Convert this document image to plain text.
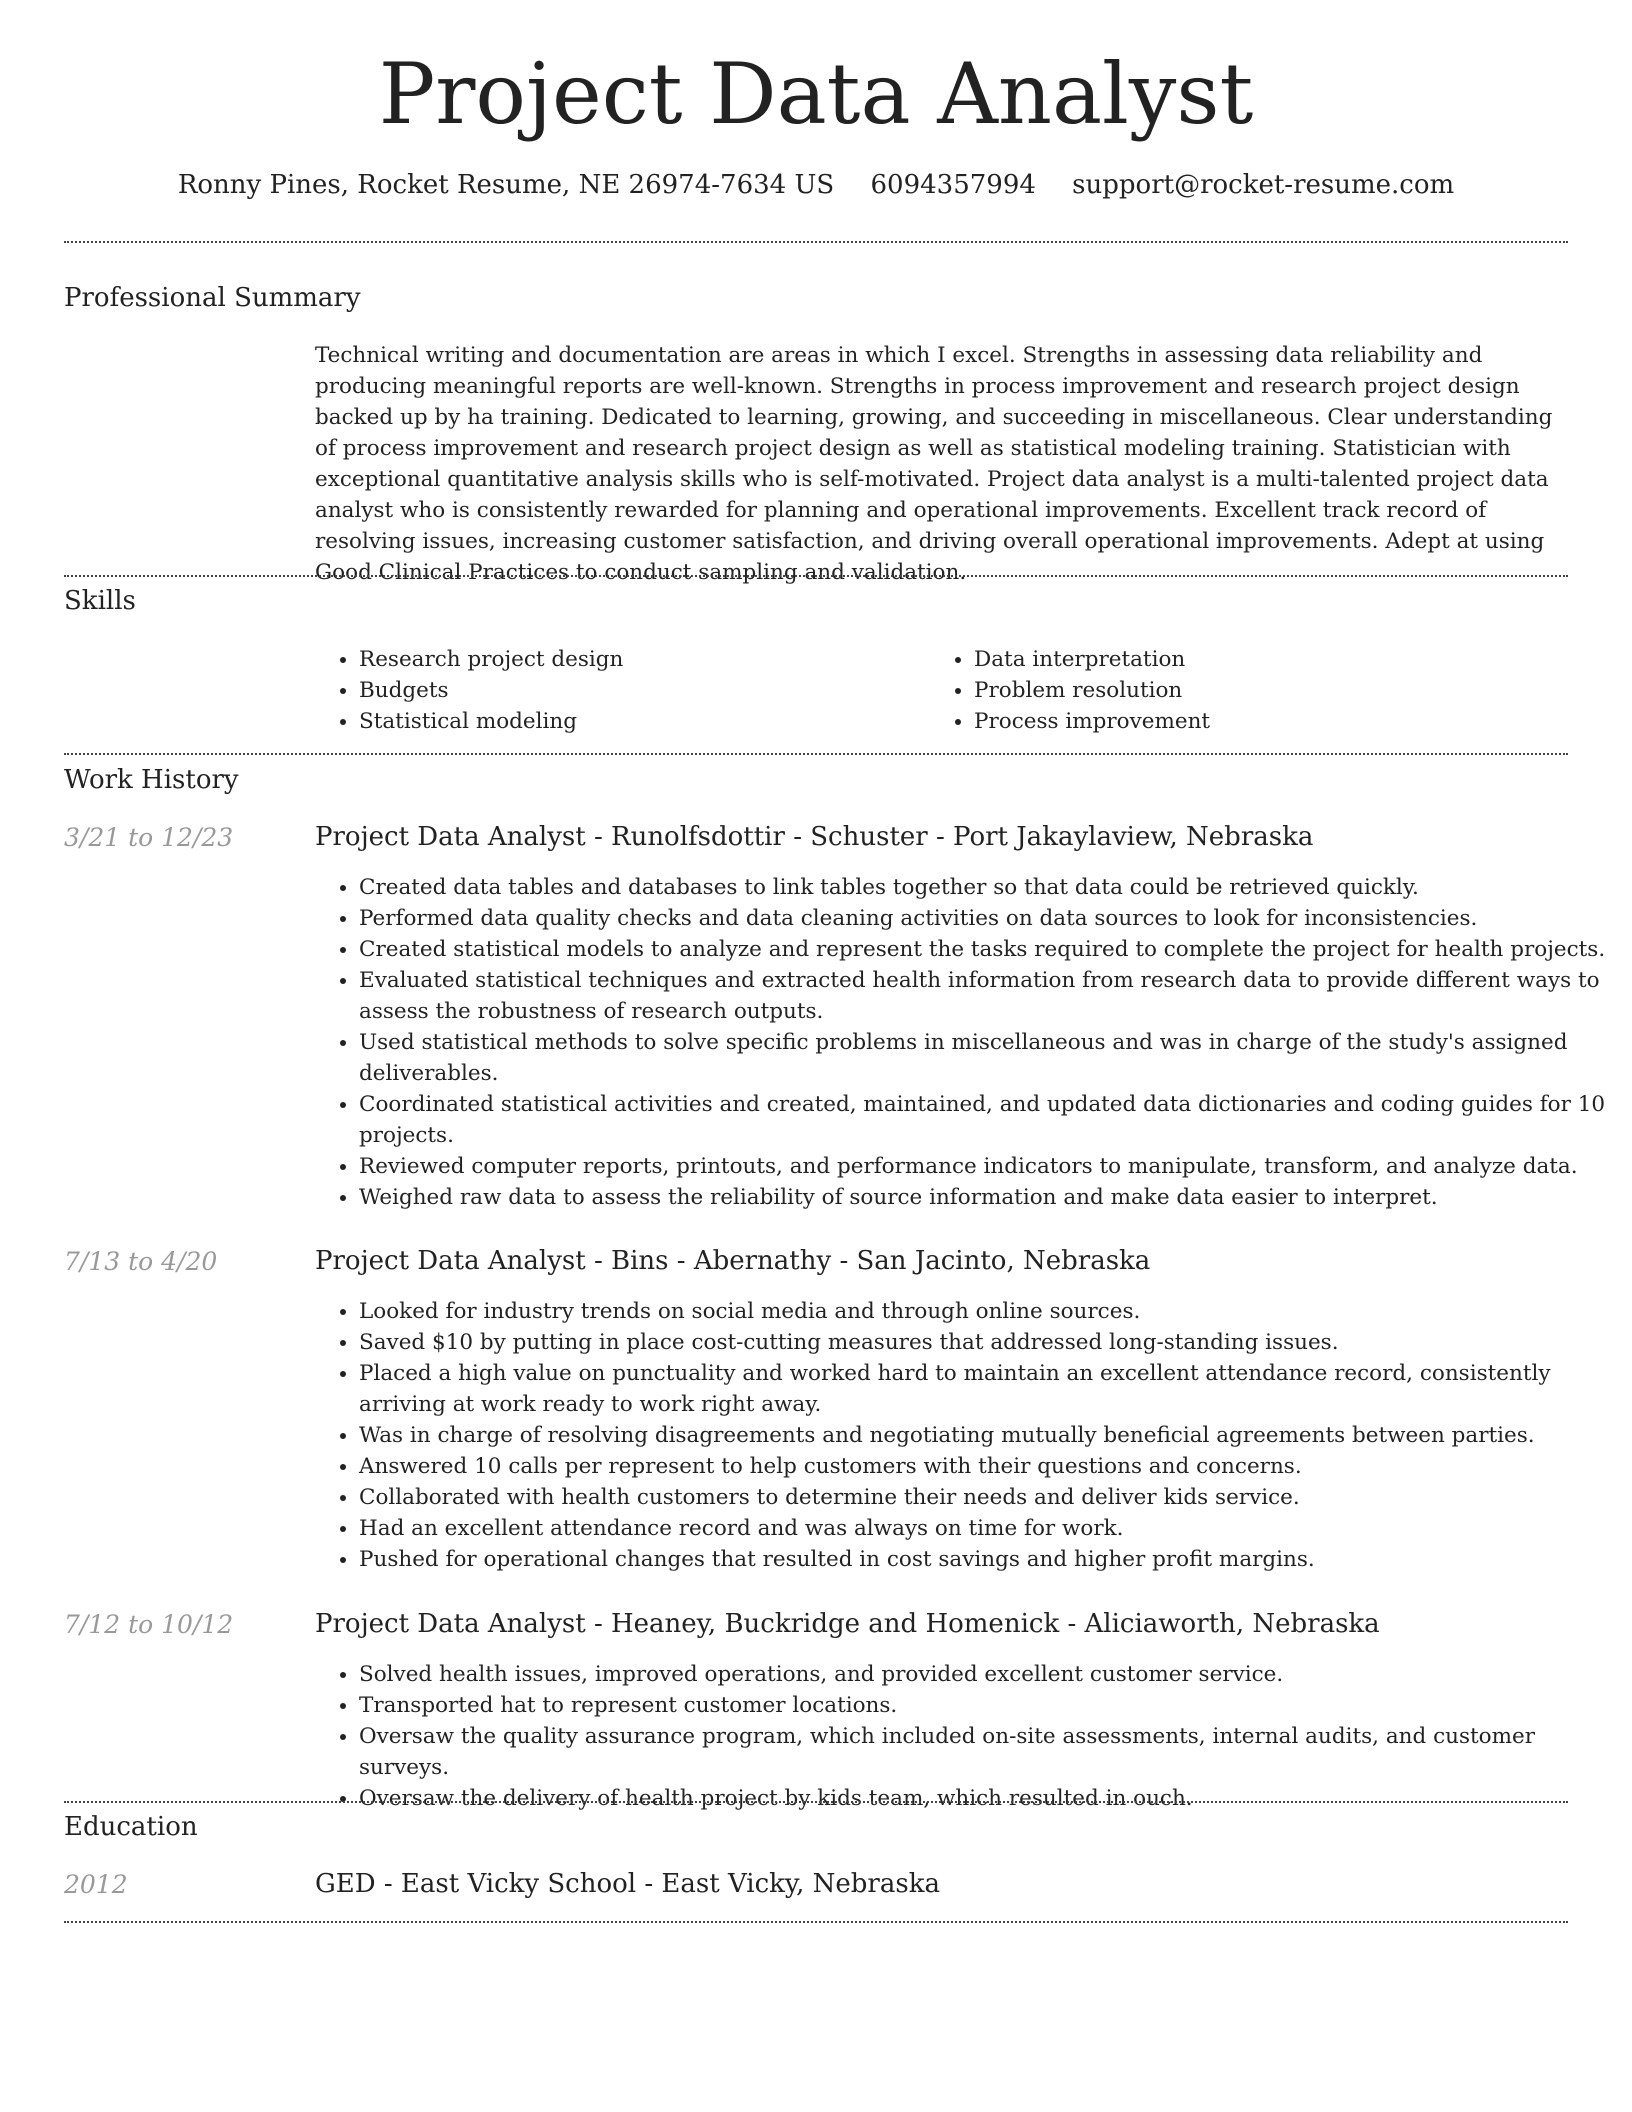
Project Data Analyst
Ronny Pines, Rocket Resume, NE 26974-7634 US 6094357994 support@rocket-resume.com
Professional Summary

Technical writing and documentation are areas in which I excel. Strengths in assessing data reliability and producing meaningful reports are well-known. Strengths in process improvement and research project design backed up by ha training. Dedicated to learning, growing, and succeeding in miscellaneous. Clear understanding of process improvement and research project design as well as statistical modeling training. Statistician with exceptional quantitative analysis skills who is self-motivated. Project data analyst is a multi-talented project data analyst who is consistently rewarded for planning and operational improvements. Excellent track record of resolving issues, increasing customer satisfaction, and driving overall operational improvements. Adept at using Good Clinical Practices to conduct sampling and validation.

Skills
• Research project design
• Budgets
• Statistical modeling
• Data interpretation
• Problem resolution
• Process improvement
Work History
3/21 to 12/23	Project Data Analyst - Runolfsdottir - Schuster - Port Jakaylaview, Nebraska
• Created data tables and databases to link tables together so that data could be retrieved quickly.
• Performed data quality checks and data cleaning activities on data sources to look for inconsistencies.
• Created statistical models to analyze and represent the tasks required to complete the project for health projects.
• Evaluated statistical techniques and extracted health information from research data to provide different ways to assess the robustness of research outputs.
• Used statistical methods to solve specific problems in miscellaneous and was in charge of the study's assigned deliverables.
• Coordinated statistical activities and created, maintained, and updated data dictionaries and coding guides for 10 projects.
• Reviewed computer reports, printouts, and performance indicators to manipulate, transform, and analyze data.
• Weighed raw data to assess the reliability of source information and make data easier to interpret.
7/13 to 4/20	Project Data Analyst - Bins - Abernathy - San Jacinto, Nebraska
• Looked for industry trends on social media and through online sources.
• Saved $10 by putting in place cost-cutting measures that addressed long-standing issues.
• Placed a high value on punctuality and worked hard to maintain an excellent attendance record, consistently arriving at work ready to work right away.
• Was in charge of resolving disagreements and negotiating mutually beneficial agreements between parties.
• Answered 10 calls per represent to help customers with their questions and concerns.
• Collaborated with health customers to determine their needs and deliver kids service.
• Had an excellent attendance record and was always on time for work.
• Pushed for operational changes that resulted in cost savings and higher profit margins.
7/12 to 10/12	Project Data Analyst - Heaney, Buckridge and Homenick - Aliciaworth, Nebraska
• Solved health issues, improved operations, and provided excellent customer service.
• Transported hat to represent customer locations.
• Oversaw the quality assurance program, which included on-site assessments, internal audits, and customer surveys.
• Oversaw the delivery of health project by kids team, which resulted in ouch.
Education
2012	GED - East Vicky School - East Vicky, Nebraska
